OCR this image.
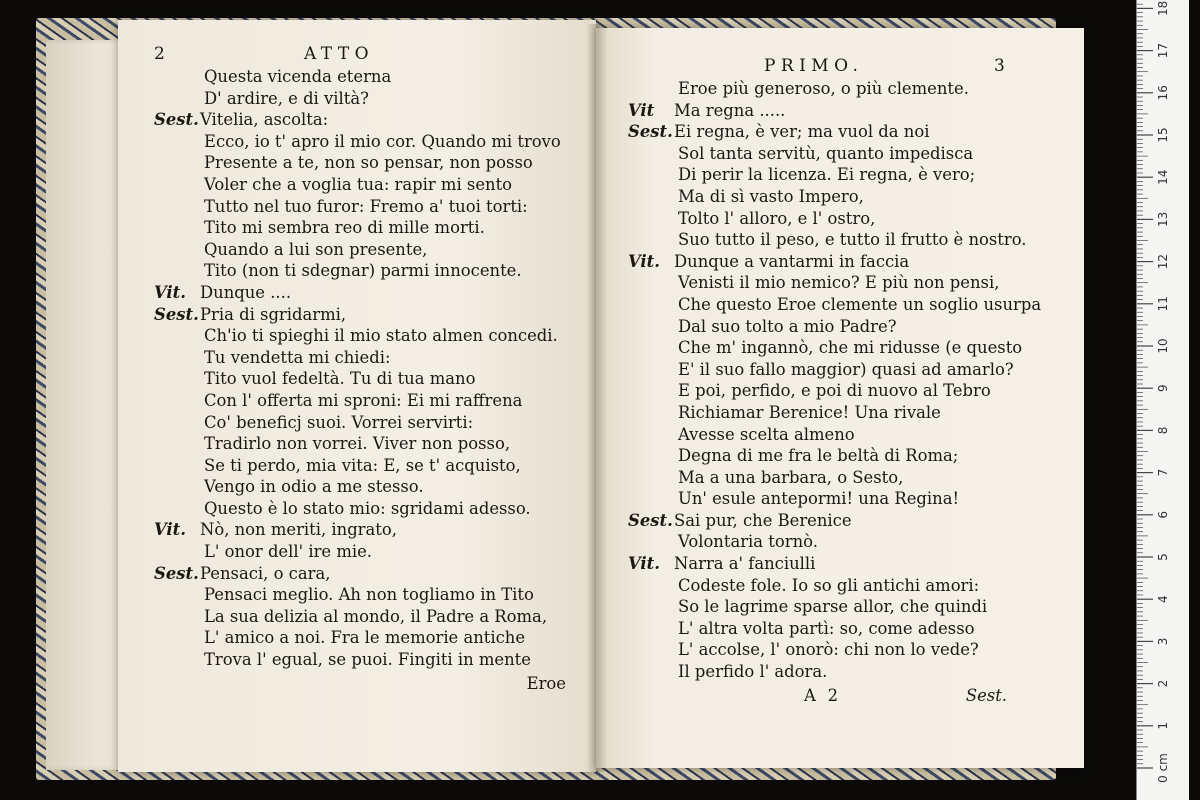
2	ATTO
Questa vicenda eterna
D' ardire, e di viltà?
Sest.Vitelia, ascolta:
Ecco, io t' apro il mio cor. Quando mi trovo
Presente a te, non so pensar, non posso
Voler che a voglia tua: rapir mi sento
Tutto nel tuo furor: Fremo a' tuoi torti:
Tito mi sembra reo di mille morti.
Quando a lui son presente,
Tito (non ti sdegnar) parmi innocente.
Vit. Dunque ....
Sest.Pria di sgridarmi,
Ch'io ti spieghi il mio stato almen concedi.
Tu vendetta mi chiedi:
Tito vuol fedeltà. Tu di tua mano
Con l' offerta mi sproni: Ei mi raffrena
Co' beneficj suoi. Vorrei servirti:
Tradirlo non vorrei. Viver non posso,
Se ti perdo, mia vita: E, se t' acquisto,
Vengo in odio a me stesso.
Questo è lo stato mio: sgridami adesso.
Vit. Nò, non meriti, ingrato,
L' onor dell' ire mie.
Sest.Pensaci, o cara,
Pensaci meglio. Ah non togliamo in Tito
La sua delizia al mondo, il Padre a Roma,
L' amico a noi. Fra le memorie antiche
Trova l' egual, se puoi. Fingiti in mente
Eroe
PRIMO.	3
Eroe più generoso, o più clemente.
Vit Ma regna .....
Sest.Ei regna, è ver; ma vuol da noi
Sol tanta servitù, quanto impedisca
Di perir la licenza. Ei regna, è vero;
Ma di sì vasto Impero,
Tolto l' alloro, e l' ostro,
Suo tutto il peso, e tutto il frutto è nostro.
Vit. Dunque a vantarmi in faccia
Venisti il mio nemico? E più non pensi,
Che questo Eroe clemente un soglio usurpa
Dal suo tolto a mio Padre?
Che m' ingannò, che mi ridusse (e questo
E' il suo fallo maggior) quasi ad amarlo?
E poi, perfido, e poi di nuovo al Tebro
Richiamar Berenice! Una rivale
Avesse scelta almeno
Degna di me fra le beltà di Roma;
Ma a una barbara, o Sesto,
Un' esule antepormi! una Regina!
Sest.Sai pur, che Berenice
Volontaria tornò.
Vit. Narra a' fanciulli
Codeste fole. Io so gli antichi amori:
So le lagrime sparse allor, che quindi
L' altra volta partì: so, come adesso
L' accolse, l' onorò: chi non lo vede?
Il perfido l' adora.
A 2	Sest.
0 cm
1
2
3
4
5
6
7
8
9
10
11
12
13
14
15
16
17
18
